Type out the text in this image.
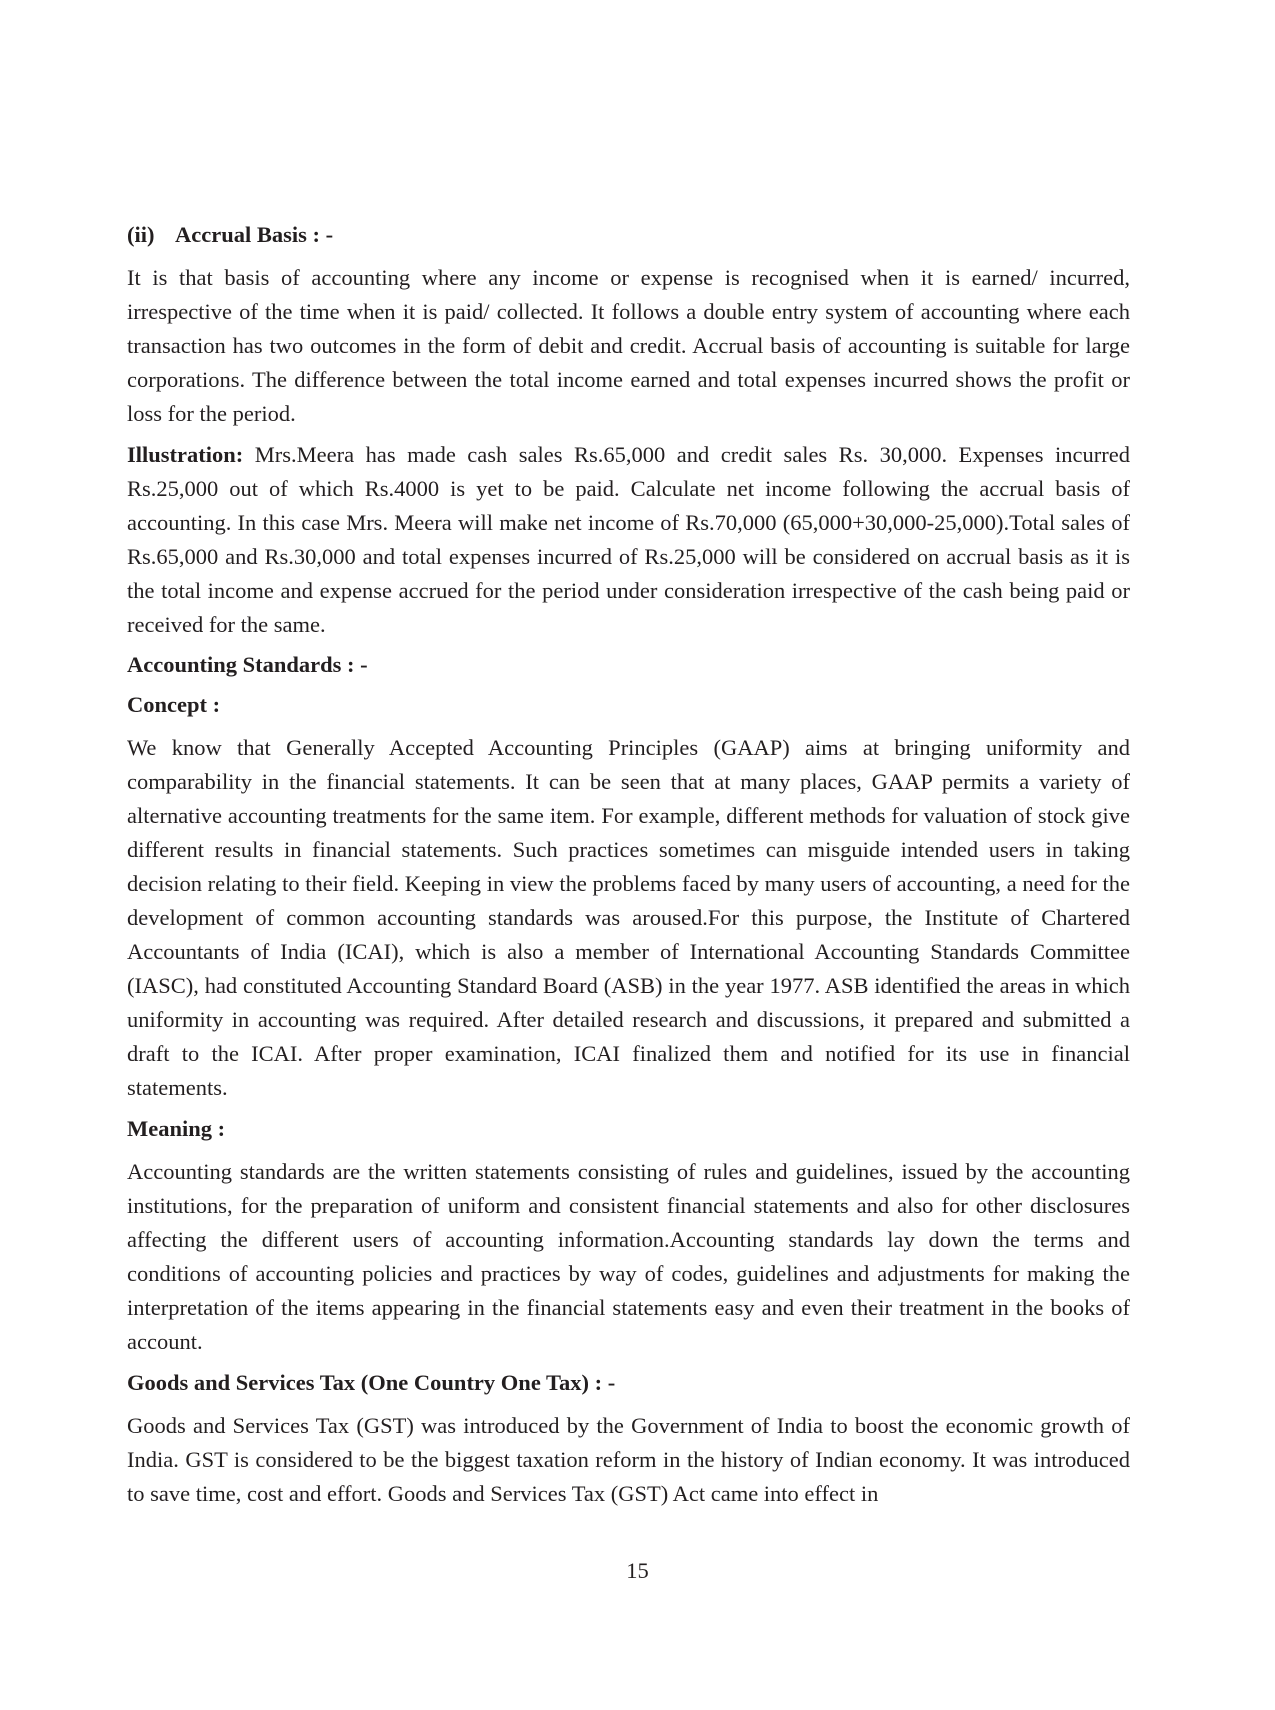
(ii) Accrual Basis : -

It is that basis of accounting where any income or expense is recognised when it is earned/ incurred, irrespective of the time when it is paid/ collected. It follows a double entry system of accounting where each transaction has two outcomes in the form of debit and credit. Accrual basis of accounting is suitable for large corporations. The difference between the total income earned and total expenses incurred shows the profit or loss for the period.

Illustration: Mrs.Meera has made cash sales Rs.65,000 and credit sales Rs. 30,000. Expenses incurred Rs.25,000 out of which Rs.4000 is yet to be paid. Calculate net income following the accrual basis of accounting. In this case Mrs. Meera will make net income of Rs.70,000 (65,000+30,000-25,000).Total sales of Rs.65,000 and Rs.30,000 and total expenses incurred of Rs.25,000 will be considered on accrual basis as it is the total income and expense accrued for the period under consideration irrespective of the cash being paid or received for the same.

Accounting Standards : -
Concept :

We know that Generally Accepted Accounting Principles (GAAP) aims at bringing uniformity and comparability in the financial statements. It can be seen that at many places, GAAP permits a variety of alternative accounting treatments for the same item. For example, different methods for valuation of stock give different results in financial statements. Such practices sometimes can misguide intended users in taking decision relating to their field. Keeping in view the problems faced by many users of accounting, a need for the development of common accounting standards was aroused.For this purpose, the Institute of Chartered Accountants of India (ICAI), which is also a member of International Accounting Standards Committee (IASC), had constituted Accounting Standard Board (ASB) in the year 1977. ASB identified the areas in which uniformity in accounting was required. After detailed research and discussions, it prepared and submitted a draft to the ICAI. After proper examination, ICAI finalized them and notified for its use in financial statements.

Meaning :

Accounting standards are the written statements consisting of rules and guidelines, issued by the accounting institutions, for the preparation of uniform and consistent financial statements and also for other disclosures affecting the different users of accounting information.Accounting standards lay down the terms and conditions of accounting policies and practices by way of codes, guidelines and adjustments for making the interpretation of the items appearing in the financial statements easy and even their treatment in the books of account.

Goods and Services Tax (One Country One Tax) : -

Goods and Services Tax (GST) was introduced by the Government of India to boost the economic growth of India. GST is considered to be the biggest taxation reform in the history of Indian economy. It was introduced to save time, cost and effort. Goods and Services Tax (GST) Act came into effect in

15
